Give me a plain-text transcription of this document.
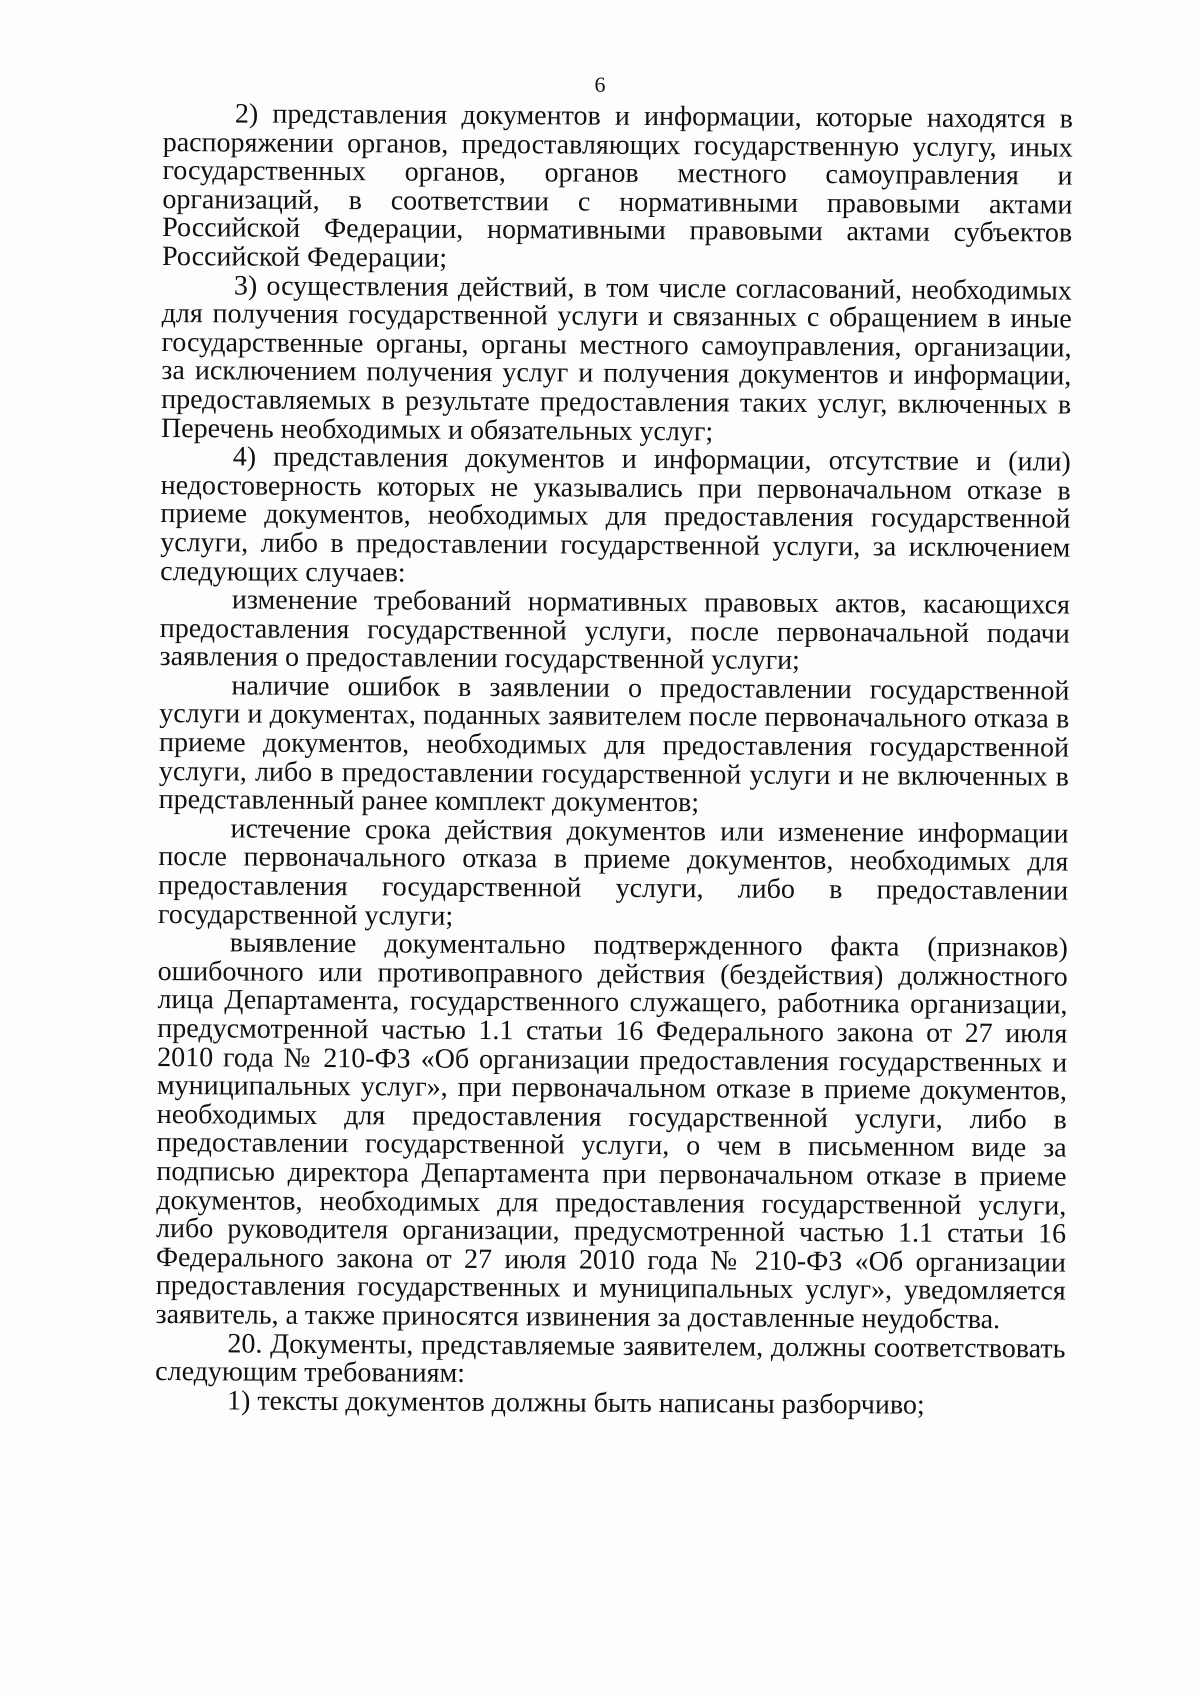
6

2) представления документов и информации, которые находятся в распоряжении органов, предоставляющих государственную услугу, иных государственных органов, органов местного самоуправления и организаций, в соответствии с нормативными правовыми актами Российской Федерации, нормативными правовыми актами субъектов Российской Федерации;

3) осуществления действий, в том числе согласований, необходимых для получения государственной услуги и связанных с обращением в иные государственные органы, органы местного самоуправления, организации, за исключением получения услуг и получения документов и информации, предоставляемых в результате предоставления таких услуг, включенных в Перечень необходимых и обязательных услуг;

4) представления документов и информации, отсутствие и (или) недостоверность которых не указывались при первоначальном отказе в приеме документов, необходимых для предоставления государственной услуги, либо в предоставлении государственной услуги, за исключением следующих случаев:

изменение требований нормативных правовых актов, касающихся предоставления государственной услуги, после первоначальной подачи заявления о предоставлении государственной услуги;

наличие ошибок в заявлении о предоставлении государственной услуги и документах, поданных заявителем после первоначального отказа в приеме документов, необходимых для предоставления государственной услуги, либо в предоставлении государственной услуги и не включенных в представленный ранее комплект документов;

истечение срока действия документов или изменение информации после первоначального отказа в приеме документов, необходимых для предоставления государственной услуги, либо в предоставлении государственной услуги;

выявление документально подтвержденного факта (признаков) ошибочного или противоправного действия (бездействия) должностного лица Департамента, государственного служащего, работника организации, предусмотренной частью 1.1 статьи 16 Федерального закона от 27 июля 2010 года № 210-ФЗ «Об организации предоставления государственных и муниципальных услуг», при первоначальном отказе в приеме документов, необходимых для предоставления государственной услуги, либо в предоставлении государственной услуги, о чем в письменном виде за подписью директора Департамента при первоначальном отказе в приеме документов, необходимых для предоставления государственной услуги, либо руководителя организации, предусмотренной частью 1.1 статьи 16 Федерального закона от 27 июля 2010 года № 210-ФЗ «Об организации предоставления государственных и муниципальных услуг», уведомляется заявитель, а также приносятся извинения за доставленные неудобства.

20. Документы, представляемые заявителем, должны соответствовать следующим требованиям:

1) тексты документов должны быть написаны разборчиво;
